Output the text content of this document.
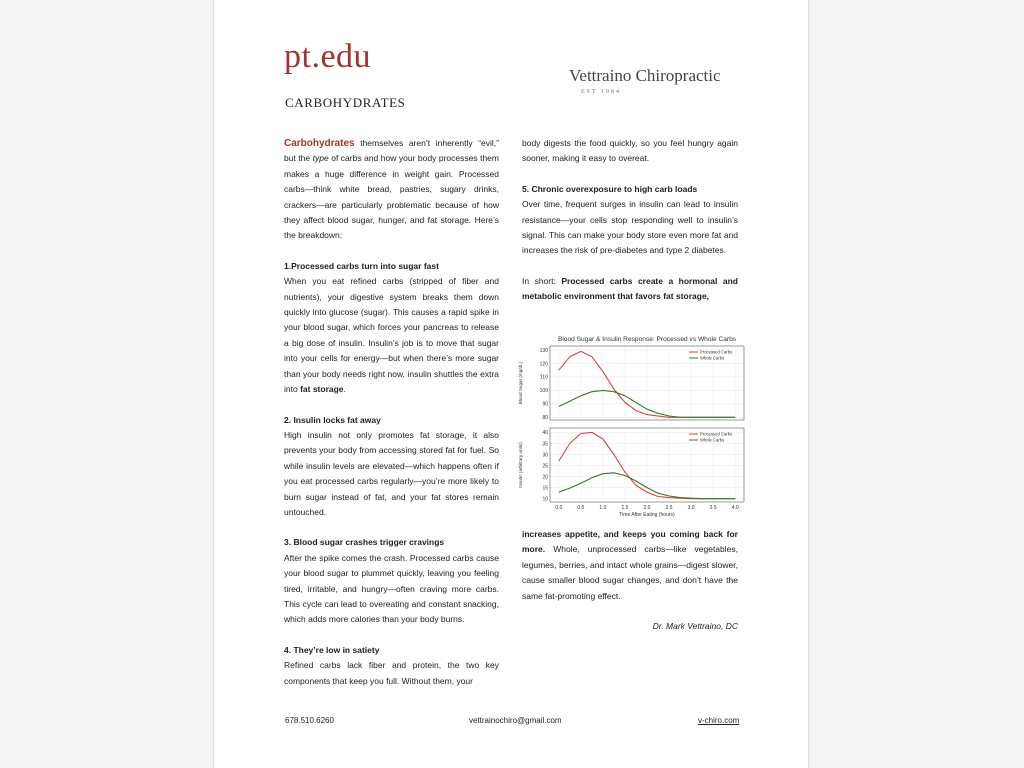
pt.edu
CARBOHYDRATES
Vettraino Chiropractic
EST 1984

Carbohydrates themselves aren’t inherently “evil,” but the type of carbs and how your body processes them makes a huge difference in weight gain. Processed carbs—think white bread, pastries, sugary drinks, crackers—are particularly problematic because of how they affect blood sugar, hunger, and fat storage. Here’s the breakdown:

1.Processed carbs turn into sugar fast

When you eat refined carbs (stripped of fiber and nutrients), your digestive system breaks them down quickly into glucose (sugar). This causes a rapid spike in your blood sugar, which forces your pancreas to release a big dose of insulin. Insulin’s job is to move that sugar into your cells for energy—but when there’s more sugar than your body needs right now, insulin shuttles the extra into fat storage.

2. Insulin locks fat away

High insulin not only promotes fat storage, it also prevents your body from accessing stored fat for fuel. So while insulin levels are elevated—which happens often if you eat processed carbs regularly—you’re more likely to burn sugar instead of fat, and your fat stores remain untouched.

3. Blood sugar crashes trigger cravings

After the spike comes the crash. Processed carbs cause your blood sugar to plummet quickly, leaving you feeling tired, irritable, and hungry—often craving more carbs. This cycle can lead to overeating and constant snacking, which adds more calories than your body burns.

4. They’re low in satiety

Refined carbs lack fiber and protein, the two key components that keep you full. Without them, your

body digests the food quickly, so you feel hungry again sooner, making it easy to overeat.

5. Chronic overexposure to high carb loads

Over time, frequent surges in insulin can lead to insulin resistance—your cells stop responding well to insulin’s signal. This can make your body store even more fat and increases the risk of pre-diabetes and type 2 diabetes.

In short: Processed carbs create a hormonal and metabolic environment that favors fat storage,

Blood Sugar & Insulin Response: Processed vs Whole Carbs
80
90
100
110
120
130
Blood Sugar (mg/dL)
Processed Carbs
Whole Carbs
10
15
20
25
30
35
40
Insulin (arbitrary units)
Processed Carbs
Whole Carbs
0.0	0.5	1.0	1.5	2.0	2.5	3.0	3.5	4.0
Time After Eating (hours)

increases appetite, and keeps you coming back for more. Whole, unprocessed carbs—like vegetables, legumes, berries, and intact whole grains—digest slower, cause smaller blood sugar changes, and don’t have the same fat-promoting effect.

Dr. Mark Vettraino, DC
678.510.6260	vettrainochiro@gmail.com	v-chiro.com
